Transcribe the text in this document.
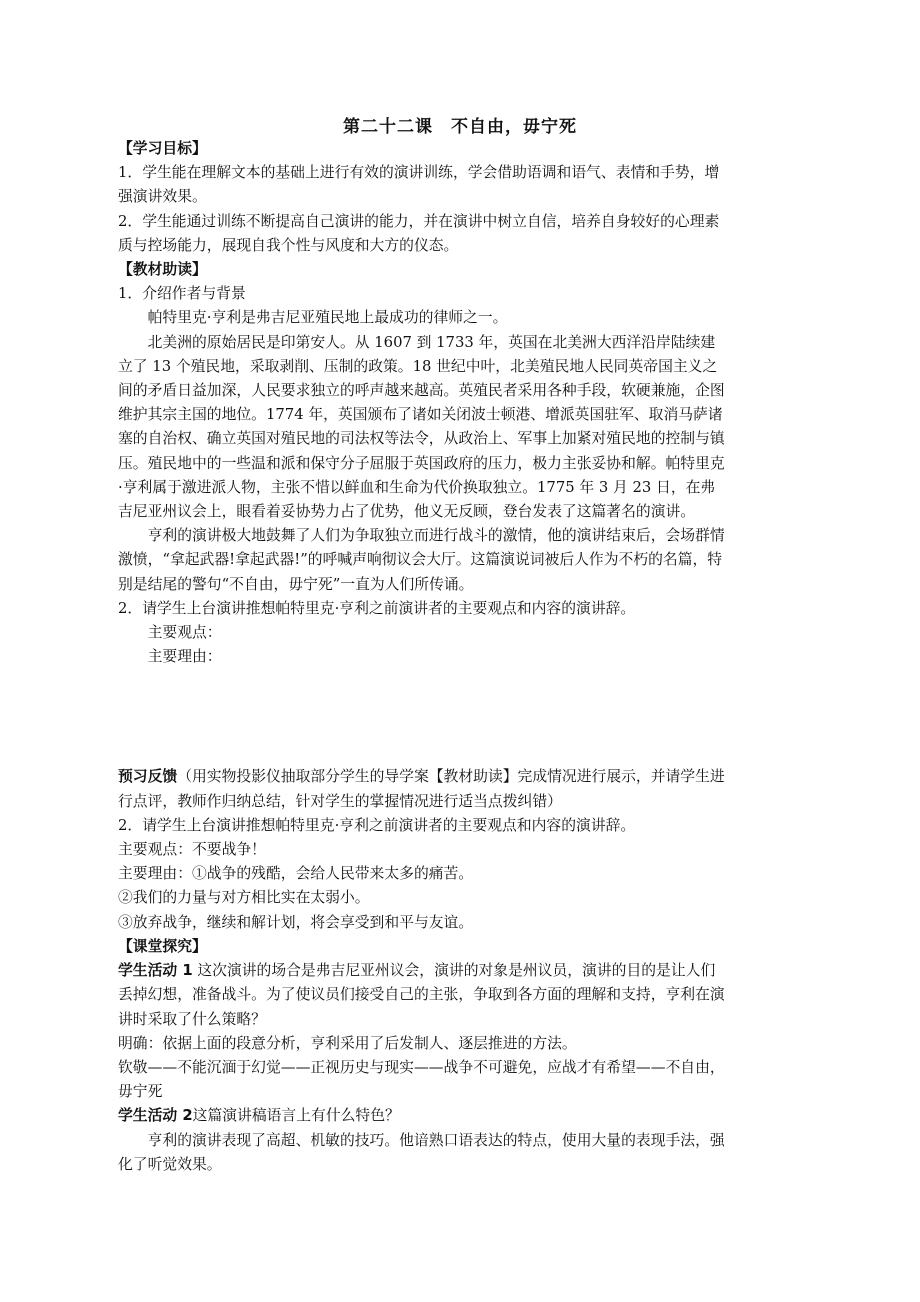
第二十二课　不自由，毋宁死

【学习目标】

1．学生能在理解文本的基础上进行有效的演讲训练，学会借助语调和语气、表情和手势，增强演讲效果。

2．学生能通过训练不断提高自己演讲的能力，并在演讲中树立自信，培养自身较好的心理素质与控场能力，展现自我个性与风度和大方的仪态。

【教材助读】

1．介绍作者与背景

帕特里克·亨利是弗吉尼亚殖民地上最成功的律师之一。

北美洲的原始居民是印第安人。从 1607 到 1733 年，英国在北美洲大西洋沿岸陆续建立了 13 个殖民地，采取剥削、压制的政策。18 世纪中叶，北美殖民地人民同英帝国主义之间的矛盾日益加深，人民要求独立的呼声越来越高。英殖民者采用各种手段，软硬兼施，企图维护其宗主国的地位。1774 年，英国颁布了诸如关闭波士顿港、增派英国驻军、取消马萨诸塞的自治权、确立英国对殖民地的司法权等法令，从政治上、军事上加紧对殖民地的控制与镇压。殖民地中的一些温和派和保守分子屈服于英国政府的压力，极力主张妥协和解。帕特里克·亨利属于激进派人物，主张不惜以鲜血和生命为代价换取独立。1775 年 3 月 23 日，在弗吉尼亚州议会上，眼看着妥协势力占了优势，他义无反顾，登台发表了这篇著名的演讲。

亨利的演讲极大地鼓舞了人们为争取独立而进行战斗的激情，他的演讲结束后，会场群情激愤，“拿起武器!拿起武器!”的呼喊声响彻议会大厅。这篇演说词被后人作为不朽的名篇，特别是结尾的警句“不自由，毋宁死”一直为人们所传诵。

2．请学生上台演讲推想帕特里克·亨利之前演讲者的主要观点和内容的演讲辞。

主要观点：

主要理由：

预习反馈（用实物投影仪抽取部分学生的导学案【教材助读】完成情况进行展示，并请学生进行点评，教师作归纳总结，针对学生的掌握情况进行适当点拨纠错）

2．请学生上台演讲推想帕特里克·亨利之前演讲者的主要观点和内容的演讲辞。

主要观点：不要战争！

主要理由：①战争的残酷，会给人民带来太多的痛苦。

②我们的力量与对方相比实在太弱小。

③放弃战争，继续和解计划，将会享受到和平与友谊。

【课堂探究】

学生活动 1 这次演讲的场合是弗吉尼亚州议会，演讲的对象是州议员，演讲的目的是让人们丢掉幻想，准备战斗。为了使议员们接受自己的主张，争取到各方面的理解和支持，亨利在演讲时采取了什么策略？

明确：依据上面的段意分析，亨利采用了后发制人、逐层推进的方法。

钦敬——不能沉湎于幻觉——正视历史与现实——战争不可避免，应战才有希望——不自由，毋宁死

学生活动 2这篇演讲稿语言上有什么特色？

亨利的演讲表现了高超、机敏的技巧。他谙熟口语表达的特点，使用大量的表现手法，强化了听觉效果。
